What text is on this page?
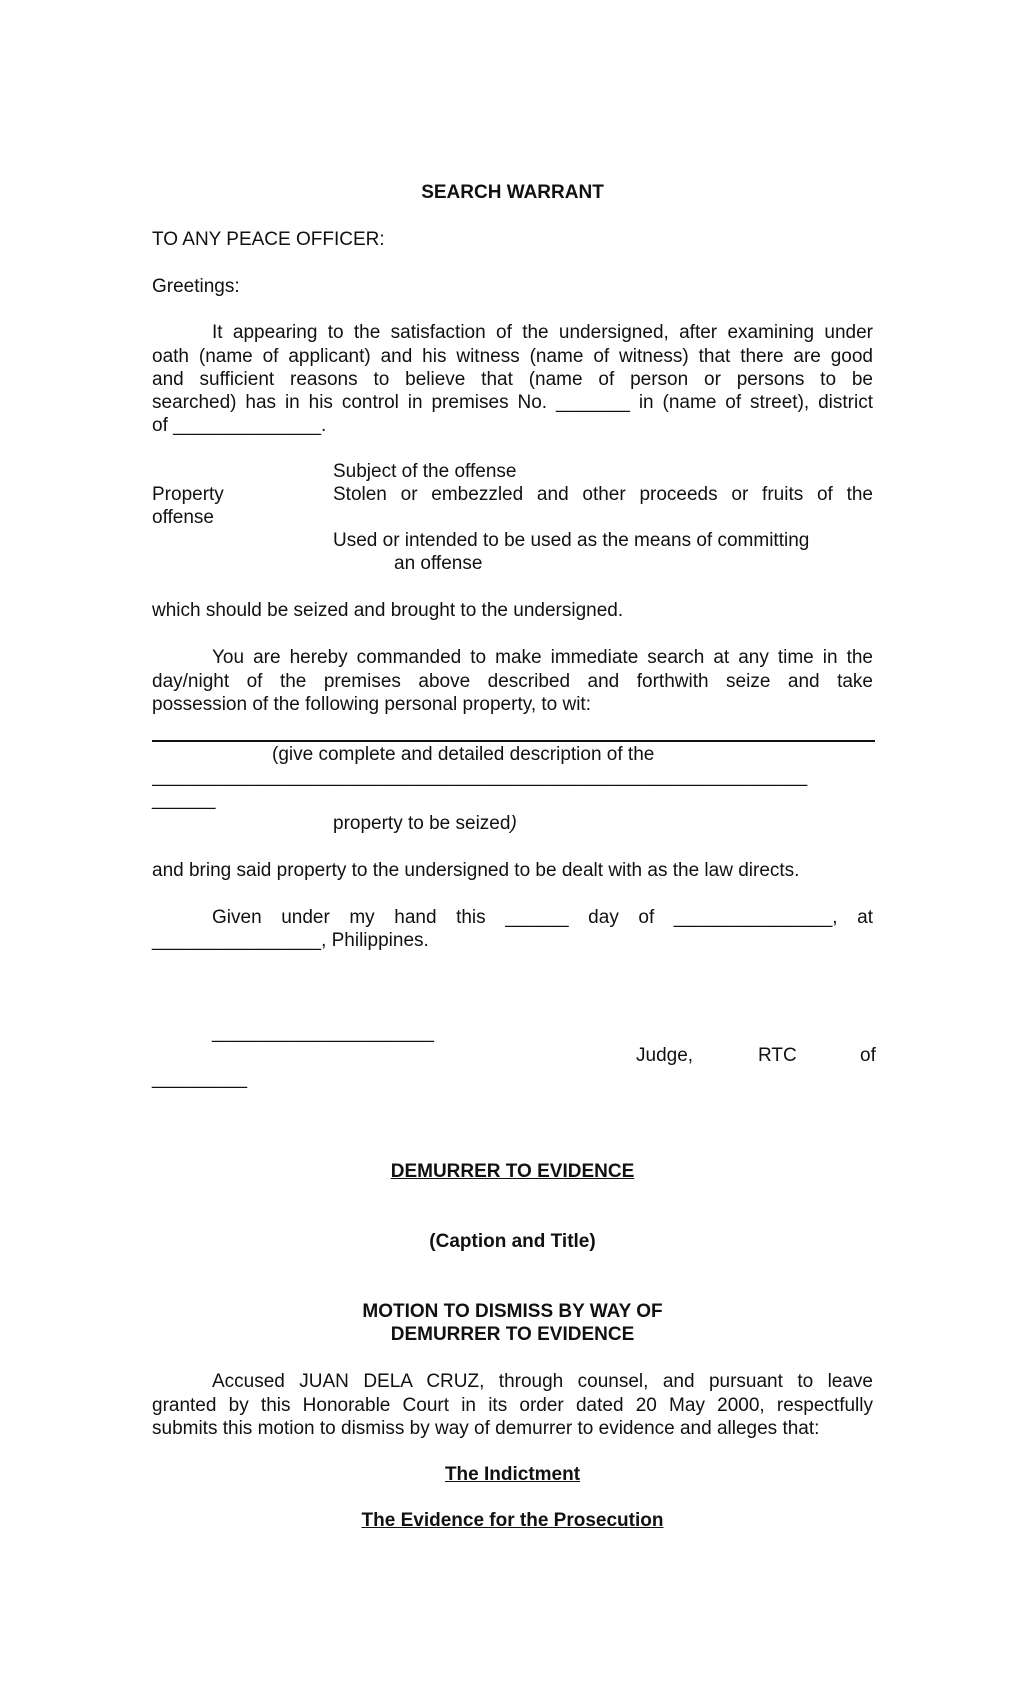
SEARCH WARRANT
TO ANY PEACE OFFICER:
Greetings:
It appearing to the satisfaction of the undersigned, after examining under
oath (name of applicant) and his witness (name of witness) that there are good
and sufficient reasons to believe that (name of person or persons to be
searched) has in his control in premises No. _______ in (name of street), district
of ______________.
Subject of the offense
Property	Stolen or embezzled and other proceeds or fruits of the
offense
Used or intended to be used as the means of committing
an offense
which should be seized and brought to the undersigned.
You are hereby commanded to make immediate search at any time in the
day/night of the premises above described and forthwith seize and take
possession of the following personal property, to wit:
(give complete and detailed description of the
______________________________________________________________
______
property to be seized)
and bring said property to the undersigned to be dealt with as the law directs.
Given under my hand this ______ day of _______________, at
________________, Philippines.
_____________________
Judge,	RTC	of
_________
DEMURRER TO EVIDENCE
(Caption and Title)
MOTION TO DISMISS BY WAY OF
DEMURRER TO EVIDENCE
Accused JUAN DELA CRUZ, through counsel, and pursuant to leave
granted by this Honorable Court in its order dated 20 May 2000, respectfully
submits this motion to dismiss by way of demurrer to evidence and alleges that:
The Indictment
The Evidence for the Prosecution
